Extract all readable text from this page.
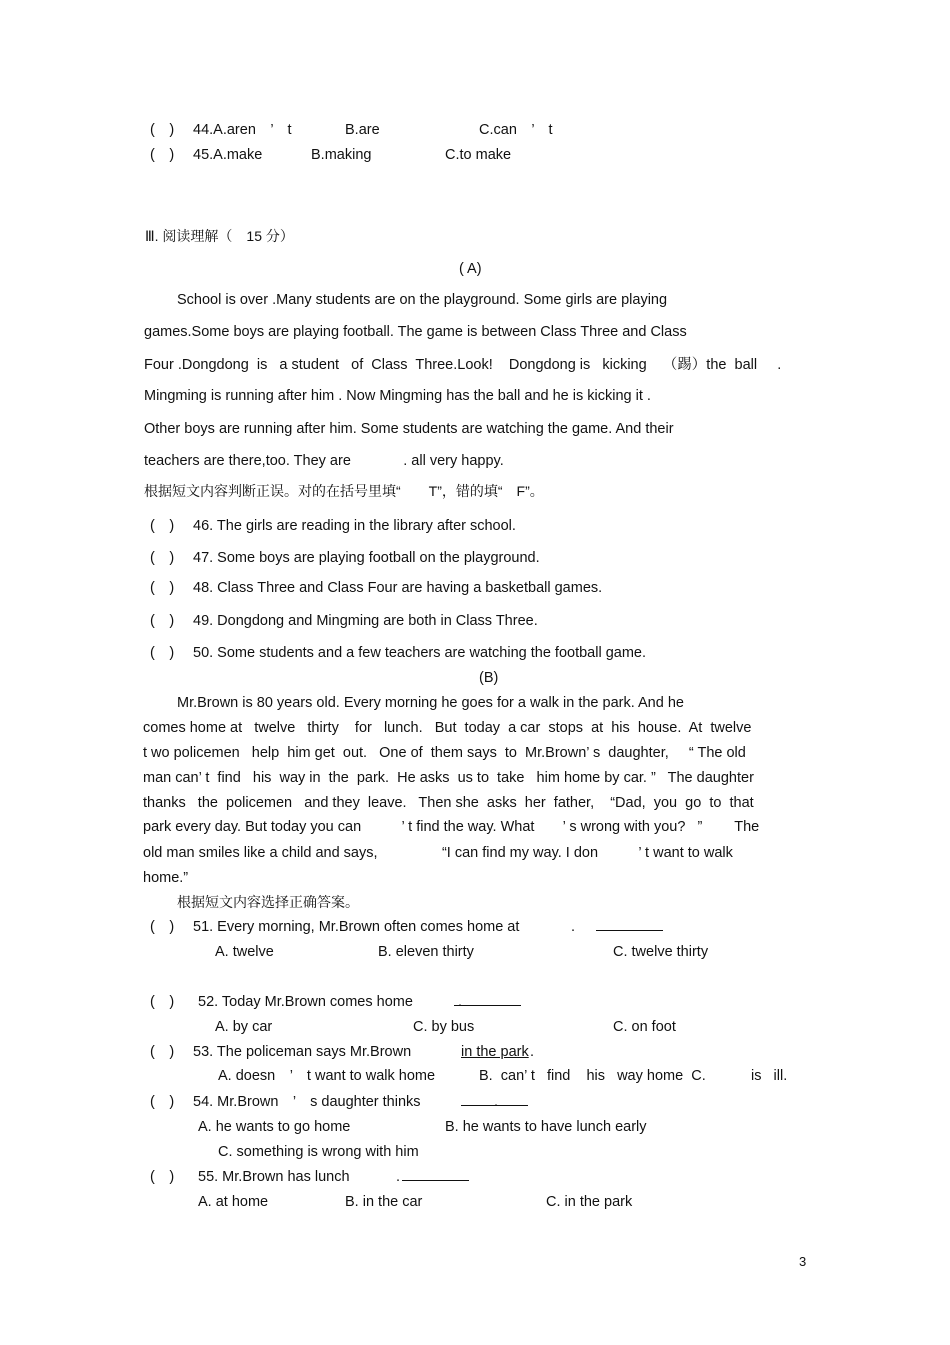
(　) 44.A.aren　’　t	B.are	C.can　’　t
(　) 45.A.make	B.making	C.to make
Ⅲ. 阅读理解（　15 分）
( A)
School is over .Many students are on the playground. Some girls are playing
games.Some boys are playing football. The game is between Class Three and Class
Four .Dongdong  is   a student   of  Class  Three.Look!    Dongdong is   kicking    （踢）the  ball     .
Mingming is running after him . Now Mingming has the ball and he is kicking it .
Other boys are running after him. Some students are watching the game. And their
teachers are there,too. They are             . all very happy.
根据短文内容判断正误。对的在括号里填“　　T”，错的填“　F”。
(　) 46. The girls are reading in the library after school.
(　) 47. Some boys are playing football on the playground.
(　) 48. Class Three and Class Four are having a basketball games.
(　) 49. Dongdong and Mingming are both in Class Three.
(　) 50. Some students and a few teachers are watching the football game.
(B)
Mr.Brown is 80 years old. Every morning he goes for a walk in the park. And he
comes home at   twelve   thirty    for   lunch.   But  today  a car  stops  at  his  house.  At  twelve
t wo policemen   help  him get  out.   One of  them says  to  Mr.Brown’ s  daughter,     “ The old
man can’ t  find   his  way in  the  park.  He asks  us to  take   him home by car. ”   The daughter
thanks   the  policemen   and they  leave.   Then she  asks  her  father,    “Dad,  you  go  to  that
park every day. But today you can          ’ t find the way. What       ’ s wrong with you?   ”        The
old man smiles like a child and says,                “I can find my way. I don          ’ t want to walk
home.”
根据短文内容选择正确答案。
(　) 51. Every morning, Mr.Brown often comes home at	.
A. twelve	B. eleven thirty	C. twelve thirty
(　) 52. Today Mr.Brown comes home	.
A. by car	C. by bus	C. on foot
(　) 53. The policeman says Mr.Brown	in the park .
A. doesn　’　t want to walk home	B.  can’ t   find    his   way home  C.	is   ill.
(　) 54. Mr.Brown　’　s daughter thinks	.
A. he wants to go home	B. he wants to have lunch early
C. something is wrong with him
(　) 55. Mr.Brown has lunch	.
A. at home	B. in the car	C. in the park
3
